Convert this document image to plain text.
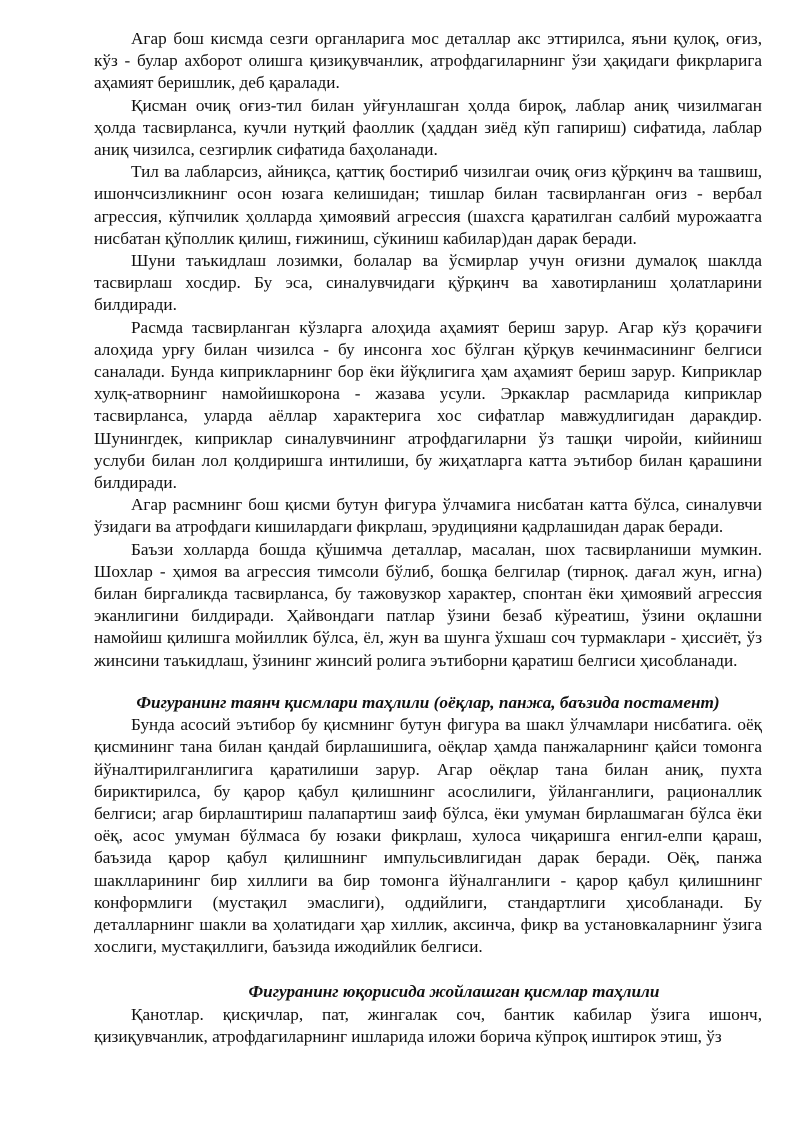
Агар бош кисмда сезги органларига мос деталлар акс эттирилса, яъни қулоқ, оғиз, кўз - булар ахборот олишга қизиқувчанлик, атрофдагиларнинг ўзи ҳақидаги фикрларига аҳамият беришлик, деб қаралади.

Қисман очиқ оғиз-тил билан уйғунлашган ҳолда бироқ, лаблар аниқ чизилмаган ҳолда тасвирланса, кучли нутқий фаоллик (ҳаддан зиёд кўп гапириш) сифатида, лаблар аниқ чизилса, сезгирлик сифатида баҳоланади.

Тил ва лабларсиз, айниқса, қаттиқ бостириб чизилгаи очиқ оғиз қўрқинч ва ташвиш, ишончсизликнинг осон юзага келишидан; тишлар билан тасвирланган оғиз - вербал агрессия, кўпчилик ҳолларда ҳимоявий агрессия (шахсга қаратилган салбий мурожаатга нисбатан қўполлик қилиш, ғижиниш, сўкиниш кабилар)дан дарак беради.

Шуни таъкидлаш лозимки, болалар ва ўсмирлар учун оғизни думалоқ шаклда тасвирлаш хосдир. Бу эса, синалувчидаги қўрқинч ва хавотирланиш ҳолатларини билдиради.

Расмда тасвирланган кўзларга алоҳида аҳамият бериш зарур. Агар кўз қорачиғи алоҳида урғу билан чизилса - бу инсонга хос бўлган қўрқув кечинмасининг белгиси саналади. Бунда киприкларнинг бор ёки йўқлигига ҳам аҳамият бериш зарур. Киприклар хулқ-атворнинг намойишкорона - жазава усули. Эркаклар расмларида киприклар тасвирланса, уларда аёллар характерига хос сифатлар мавжудлигидан даракдир. Шунингдек, киприклар синалувчининг атрофдагиларни ўз ташқи чиройи, кийиниш услуби билан лол қолдиришга интилиши, бу жиҳатларга катта эътибор билан қарашини билдиради.

Агар расмнинг бош қисми бутун фигура ўлчамига нисбатан катта бўлса, синалувчи ўзидаги ва атрофдаги кишилардаги фикрлаш, эрудицияни қадрлашидан дарак беради.

Баъзи холларда бошда қўшимча деталлар, масалан, шох тасвирланиши мумкин. Шохлар - ҳимоя ва агрессия тимсоли бўлиб, бошқа белгилар (тирноқ. дағал жун, игна) билан биргаликда тасвирланса, бу тажовузкор характер, спонтан ёки ҳимоявий агрессия эканлигини билдиради. Ҳайвондаги патлар ўзини безаб кўреатиш, ўзини оқлашни намойиш қилишга мойиллик бўлса, ёл, жун ва шунга ўхшаш соч турмаклари - ҳиссиёт, ўз жинсини таъкидлаш, ўзининг жинсий ролига эътиборни қаратиш белгиси ҳисобланади.

Фигуранинг таянч қисмлари таҳлили (оёқлар, панжа, баъзида постамент)

Бунда асосий эътибор бу қисмнинг бутун фигура ва шакл ўлчамлари нисбатига. оёқ қисмининг тана билан қандай бирлашишига, оёқлар ҳамда панжаларнинг қайси томонга йўналтирилганлигига қаратилиши зарур. Агар оёқлар тана билан аниқ, пухта бириктирилса, бу қарор қабул қилишнинг асослилиги, ўйланганлиги, рационаллик белгиси; агар бирлаштириш палапартиш заиф бўлса, ёки умуман бирлашмаган бўлса ёки оёқ, асос умуман бўлмаса бу юзаки фикрлаш, хулоса чиқаришга енгил-елпи қараш, баъзида қарор қабул қилишнинг импульсивлигидан дарак беради. Оёқ, панжа шаклларининг бир хиллиги ва бир томонга йўналганлиги - қарор қабул қилишнинг конформлиги (мустақил эмаслиги), оддийлиги, стандартлиги ҳисобланади. Бу деталларнинг шакли ва ҳолатидаги ҳар хиллик, аксинча, фикр ва установкаларнинг ўзига хослиги, мустақиллиги, баъзида ижодийлик белгиси.

Фигуранинг юқорисида жойлашган қисмлар таҳлили

Қанотлар. қисқичлар, пат, жингалак соч, бантик кабилар ўзига ишонч, қизиқувчанлик, атрофдагиларнинг ишларида иложи борича кўпроқ иштирок этиш, ўз
